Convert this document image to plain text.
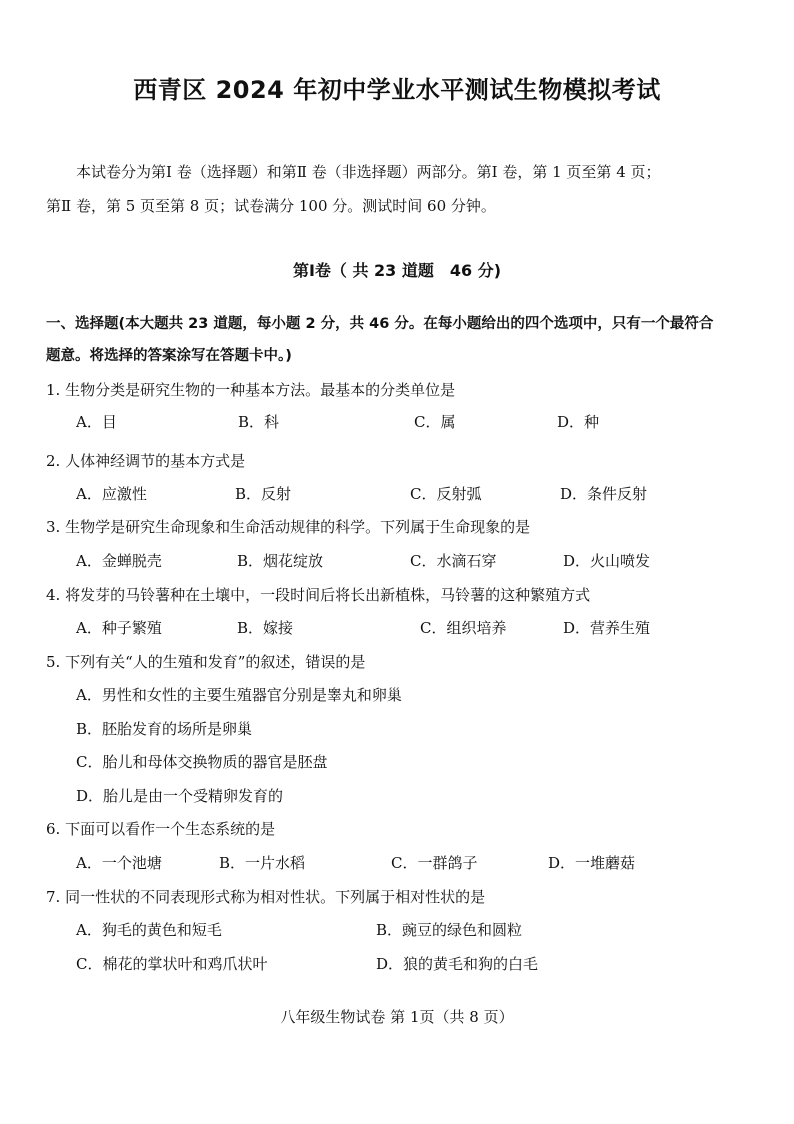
西青区 2024 年初中学业水平测试生物模拟考试
本试卷分为第Ⅰ 卷（选择题）和第Ⅱ 卷（非选择题）两部分。第Ⅰ 卷，第 1 页至第 4 页；
第Ⅱ 卷，第 5 页至第 8 页；试卷满分 100 分。测试时间 60 分钟。
第Ⅰ卷（ 共 23 道题　46 分)
一、选择题(本大题共 23 道题，每小题 2 分，共 46 分。在每小题给出的四个选项中，只有一个最符合
题意。将选择的答案涂写在答题卡中。)
1. 生物分类是研究生物的一种基本方法。最基本的分类单位是
A．目	B．科	C．属	D．种
2. 人体神经调节的基本方式是
A．应激性	B．反射	C．反射弧	D．条件反射
3. 生物学是研究生命现象和生命活动规律的科学。下列属于生命现象的是
A．金蝉脱壳	B．烟花绽放	C．水滴石穿	D．火山喷发
4. 将发芽的马铃薯种在土壤中，一段时间后将长出新植株，马铃薯的这种繁殖方式
A．种子繁殖	B．嫁接	C．组织培养	D．营养生殖
5. 下列有关“人的生殖和发育”的叙述，错误的是
A．男性和女性的主要生殖器官分别是睾丸和卵巢
B．胚胎发育的场所是卵巢
C．胎儿和母体交换物质的器官是胚盘
D．胎儿是由一个受精卵发育的
6. 下面可以看作一个生态系统的是
A．一个池塘	B．一片水稻	C．一群鸽子	D．一堆蘑菇
7. 同一性状的不同表现形式称为相对性状。下列属于相对性状的是
A．狗毛的黄色和短毛	B．豌豆的绿色和圆粒
C．棉花的掌状叶和鸡爪状叶	D．狼的黄毛和狗的白毛
八年级生物试卷 第 1页（共 8 页）
